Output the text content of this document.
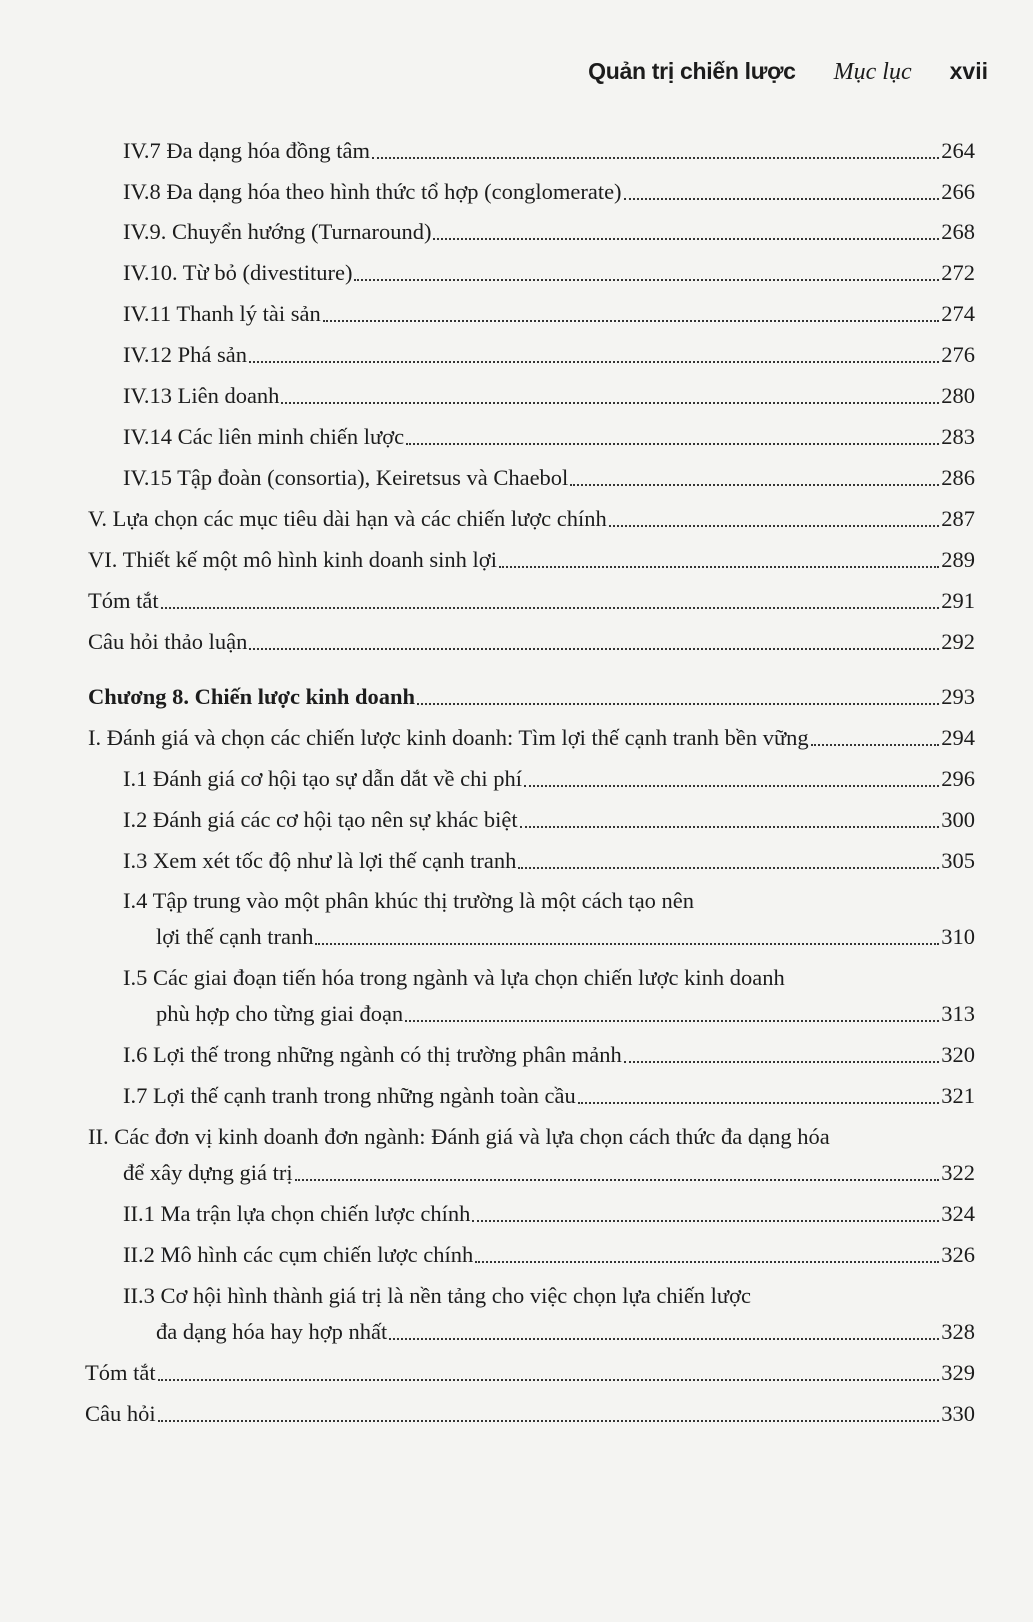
Quản trị chiến lược Mục lục xvii
IV.7 Đa dạng hóa đồng tâm	264
IV.8 Đa dạng hóa theo hình thức tổ hợp (conglomerate)	266
IV.9. Chuyển hướng (Turnaround)	268
IV.10. Từ bỏ (divestiture)	272
IV.11 Thanh lý tài sản	274
IV.12 Phá sản	276
IV.13 Liên doanh	280
IV.14 Các liên minh chiến lược	283
IV.15 Tập đoàn (consortia), Keiretsus và Chaebol	286
V. Lựa chọn các mục tiêu dài hạn và các chiến lược chính	287
VI. Thiết kế một mô hình kinh doanh sinh lợi	289
Tóm tắt	291
Câu hỏi thảo luận	292
Chương 8. Chiến lược kinh doanh	293
I. Đánh giá và chọn các chiến lược kinh doanh: Tìm lợi thế cạnh tranh bền vững	294
I.1 Đánh giá cơ hội tạo sự dẫn dắt về chi phí	296
I.2 Đánh giá các cơ hội tạo nên sự khác biệt	300
I.3 Xem xét tốc độ như là lợi thế cạnh tranh	305
I.4 Tập trung vào một phân khúc thị trường là một cách tạo nên
lợi thế cạnh tranh	310
I.5 Các giai đoạn tiến hóa trong ngành và lựa chọn chiến lược kinh doanh
phù hợp cho từng giai đoạn	313
I.6 Lợi thế trong những ngành có thị trường phân mảnh	320
I.7 Lợi thế cạnh tranh trong những ngành toàn cầu	321
II. Các đơn vị kinh doanh đơn ngành: Đánh giá và lựa chọn cách thức đa dạng hóa
để xây dựng giá trị	322
II.1 Ma trận lựa chọn chiến lược chính	324
II.2 Mô hình các cụm chiến lược chính	326
II.3 Cơ hội hình thành giá trị là nền tảng cho việc chọn lựa chiến lược
đa dạng hóa hay hợp nhất	328
Tóm tắt	329
Câu hỏi	330
